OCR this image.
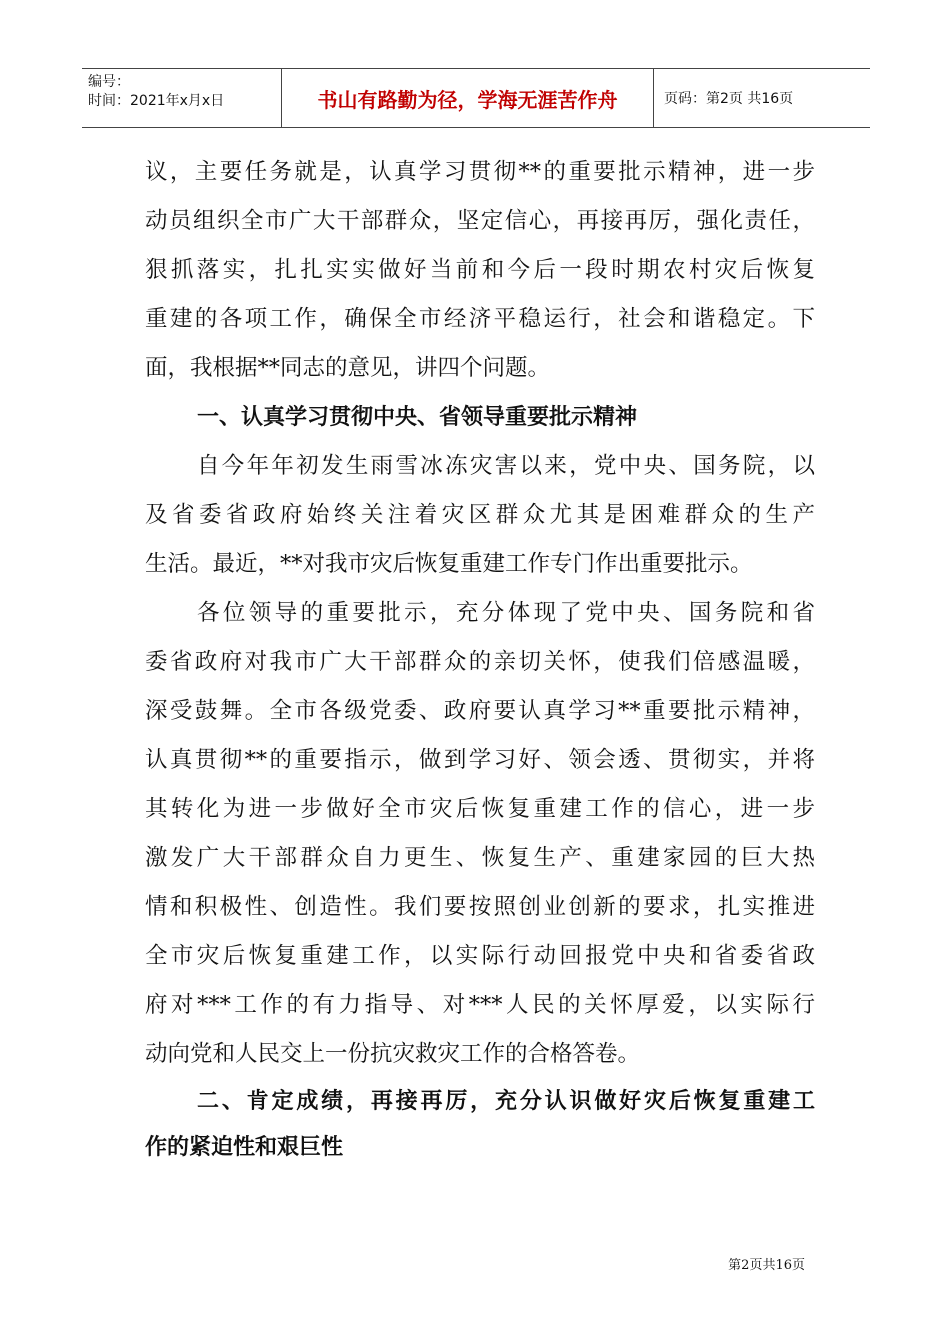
编号：
时间：2021年x月x日	书山有路勤为径，学海无涯苦作舟	页码：第2页 共16页
议，主要任务就是，认真学习贯彻**的重要批示精神，进一步
动员组织全市广大干部群众，坚定信心，再接再厉，强化责任，
狠抓落实，扎扎实实做好当前和今后一段时期农村灾后恢复
重建的各项工作，确保全市经济平稳运行，社会和谐稳定。下
面，我根据**同志的意见，讲四个问题。
一、认真学习贯彻中央、省领导重要批示精神
自今年年初发生雨雪冰冻灾害以来，党中央、国务院，以
及省委省政府始终关注着灾区群众尤其是困难群众的生产
生活。最近，**对我市灾后恢复重建工作专门作出重要批示。
各位领导的重要批示，充分体现了党中央、国务院和省
委省政府对我市广大干部群众的亲切关怀，使我们倍感温暖，
深受鼓舞。全市各级党委、政府要认真学习**重要批示精神，
认真贯彻**的重要指示，做到学习好、领会透、贯彻实，并将
其转化为进一步做好全市灾后恢复重建工作的信心，进一步
激发广大干部群众自力更生、恢复生产、重建家园的巨大热
情和积极性、创造性。我们要按照创业创新的要求，扎实推进
全市灾后恢复重建工作，以实际行动回报党中央和省委省政
府对***工作的有力指导、对***人民的关怀厚爱，以实际行
动向党和人民交上一份抗灾救灾工作的合格答卷。
二、肯定成绩，再接再厉，充分认识做好灾后恢复重建工
作的紧迫性和艰巨性
第2页共16页
